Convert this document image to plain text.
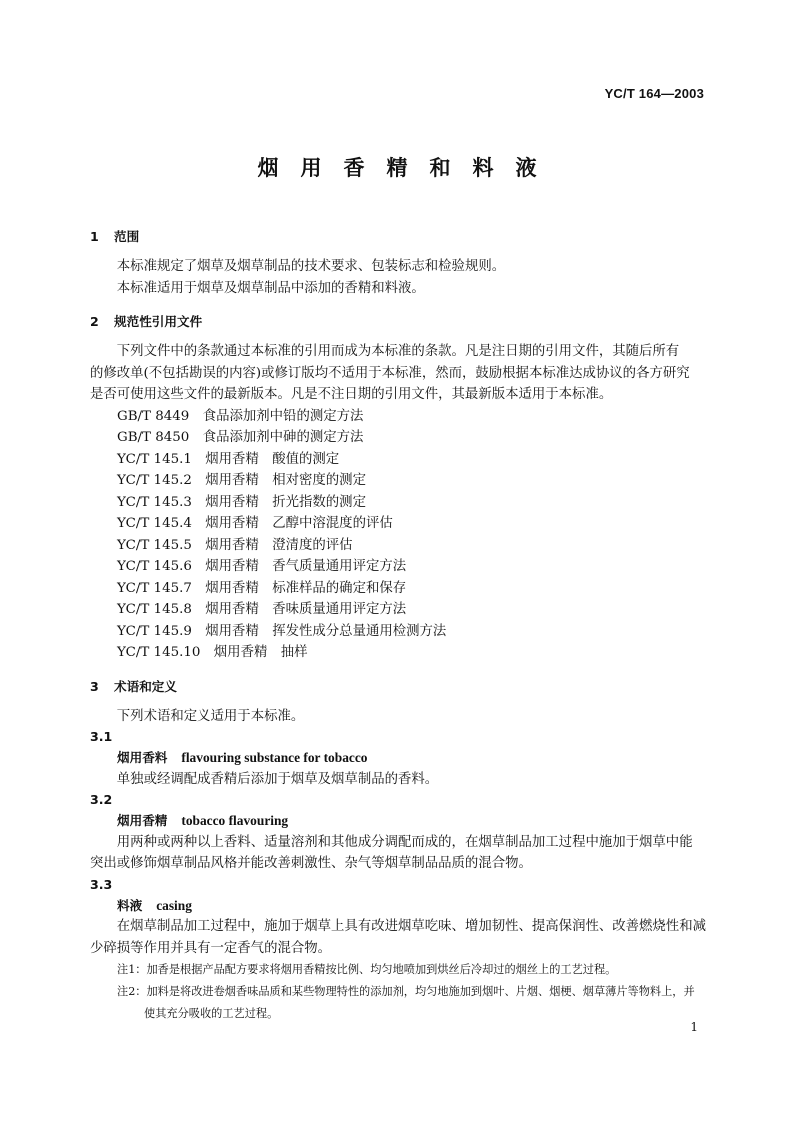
YC/T 164—2003
烟用香精和料液
1 范围

本标准规定了烟草及烟草制品的技术要求、包装标志和检验规则。

本标准适用于烟草及烟草制品中添加的香精和料液。

2 规范性引用文件

下列文件中的条款通过本标准的引用而成为本标准的条款。凡是注日期的引用文件，其随后所有

的修改单(不包括勘误的内容)或修订版均不适用于本标准，然而，鼓励根据本标准达成协议的各方研究

是否可使用这些文件的最新版本。凡是不注日期的引用文件，其最新版本适用于本标准。

GB/T 8449　 食品添加剂中铅的测定方法
GB/T 8450　 食品添加剂中砷的测定方法
YC/T 145.1　 烟用香精　酸值的测定
YC/T 145.2　 烟用香精　相对密度的测定
YC/T 145.3　 烟用香精　折光指数的测定
YC/T 145.4　 烟用香精　乙醇中溶混度的评估
YC/T 145.5　 烟用香精　澄清度的评估
YC/T 145.6　 烟用香精　香气质量通用评定方法
YC/T 145.7　 烟用香精　标准样品的确定和保存
YC/T 145.8　 烟用香精　香味质量通用评定方法
YC/T 145.9　 烟用香精　挥发性成分总量通用检测方法
YC/T 145.10　 烟用香精　抽样
3 术语和定义

下列术语和定义适用于本标准。

3.1
烟用香料 flavouring substance for tobacco

单独或经调配成香精后添加于烟草及烟草制品的香料。

3.2
烟用香精 tobacco flavouring

用两种或两种以上香料、适量溶剂和其他成分调配而成的，在烟草制品加工过程中施加于烟草中能

突出或修饰烟草制品风格并能改善刺激性、杂气等烟草制品品质的混合物。

3.3
料液 casing

在烟草制品加工过程中，施加于烟草上具有改进烟草吃味、增加韧性、提高保润性、改善燃烧性和减

少碎损等作用并具有一定香气的混合物。

注1：加香是根据产品配方要求将烟用香精按比例、均匀地喷加到烘丝后冷却过的烟丝上的工艺过程。
注2：加料是将改进卷烟香味品质和某些物理特性的添加剂，均匀地施加到烟叶、片烟、烟梗、烟草薄片等物料上，并
使其充分吸收的工艺过程。
1
